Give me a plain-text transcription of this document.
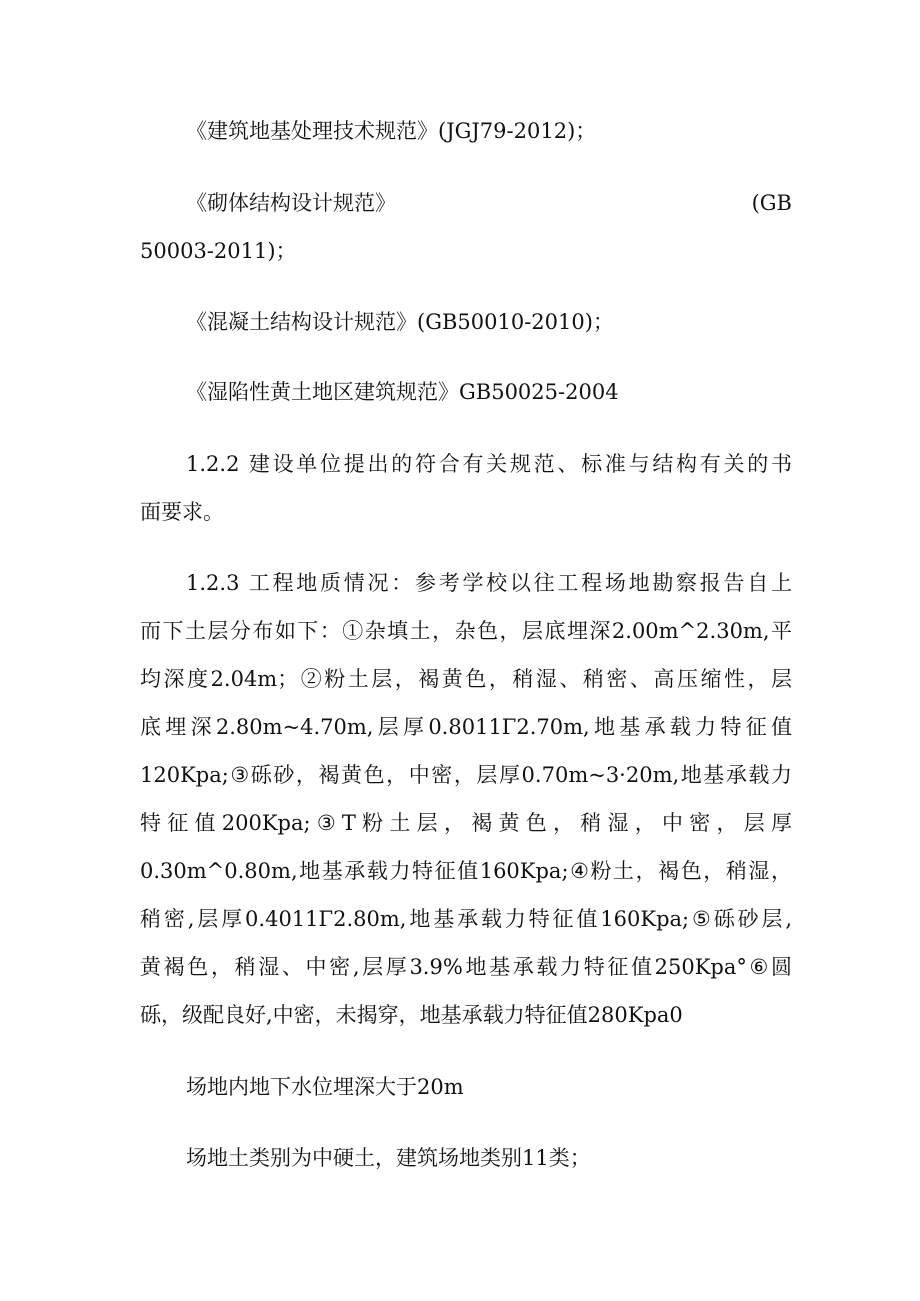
《建筑地基处理技术规范》(JGJ79-2012)；
《砌体结构设计规范》	(GB
50003-2011)；
《混凝土结构设计规范》(GB50010-2010)；
《湿陷性黄土地区建筑规范》GB50025-2004
1.2.2 建设单位提出的符合有关规范、标准与结构有关的书
面要求。
1.2.3 工程地质情况：参考学校以往工程场地勘察报告自上
而下土层分布如下：①杂填土，杂色，层底埋深2.00m^2.30m,平
均深度2.04m；②粉土层，褐黄色，稍湿、稍密、高压缩性，层
底埋深2.80m~4.70m,层厚0.8011Γ2.70m,地基承载力特征值
120Kpa;③砾砂，褐黄色，中密，层厚0.70m~3·20m,地基承载力
特征值200Kpa;③T粉土层，褐黄色，稍湿，中密，层厚
0.30m^0.80m,地基承载力特征值160Kpa;④粉土，褐色，稍湿，
稍密,层厚0.4011Γ2.80m,地基承载力特征值160Kpa;⑤砾砂层,
黄褐色，稍湿、中密,层厚3.9%地基承载力特征值250Kpa°⑥圆
砾，级配良好,中密，未揭穿，地基承载力特征值280Kpa0
场地内地下水位埋深大于20m
场地土类别为中硬土，建筑场地类别11类；
